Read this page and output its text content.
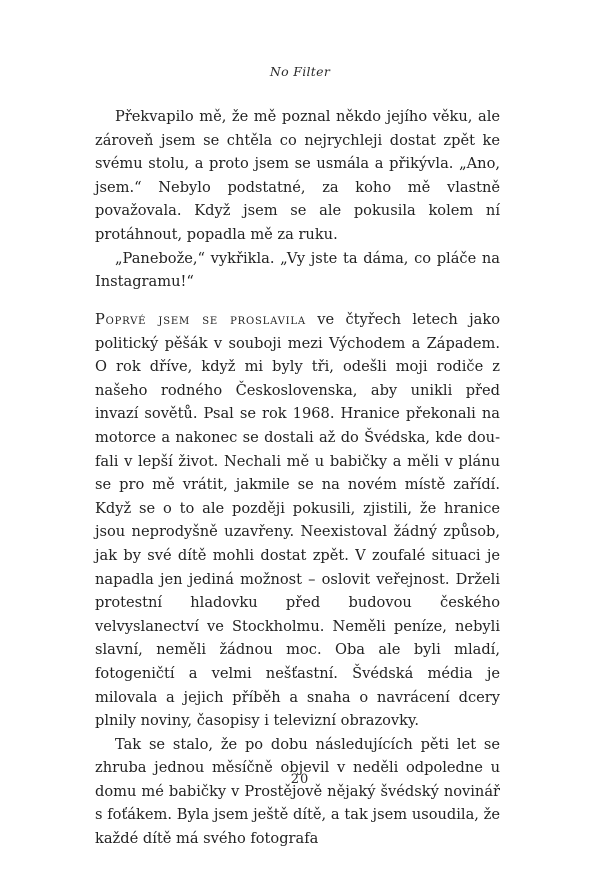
No Filter

Překvapilo mě, že mě poznal někdo jejího věku, ale zároveň jsem se chtěla co nejrychleji dostat zpět ke svému stolu, a proto jsem se usmála a přikývla. „Ano, jsem.“ Nebylo podstatné, za koho mě vlastně považovala. Když jsem se ale pokusila kolem ní protáhnout, popadla mě za ruku.

„Panebože,“ vykřikla. „Vy jste ta dáma, co pláče na Instagramu!“

Poprvé jsem se proslavila ve čtyřech letech jako politický pěšák v souboji mezi Východem a Západem. O rok dříve, když mi byly tři, odešli moji rodiče z našeho rodného Československa, aby unikli před invazí sovětů. Psal se rok 1968. Hranice překonali na motorce a nakonec se dostali až do Švédska, kde doufali v lepší život. Nechali mě u babičky a měli v plánu se pro mě vrátit, jakmile se na novém místě zařídí. Když se o to ale později pokusili, zjistili, že hranice jsou neprodyšně uzavřeny. Neexistoval žádný způsob, jak by své dítě mohli dostat zpět. V zoufalé situaci je napadla jen jediná možnost – oslovit veřejnost. Drželi protestní hladovku před budovou českého velvyslanectví ve Stockholmu. Neměli peníze, nebyli slavní, neměli žádnou moc. Oba ale byli mladí, fotogeničtí a velmi nešťastní. Švédská média je milovala a jejich příběh a snaha o navrácení dcery plnily noviny, časopisy i televizní obrazovky.

Tak se stalo, že po dobu následujících pěti let se zhruba jednou měsíčně objevil v neděli odpoledne u domu mé babičky v Prostějově nějaký švédský novinář s foťákem. Byla jsem ještě dítě, a tak jsem usoudila, že každé dítě má svého fotografa

20
